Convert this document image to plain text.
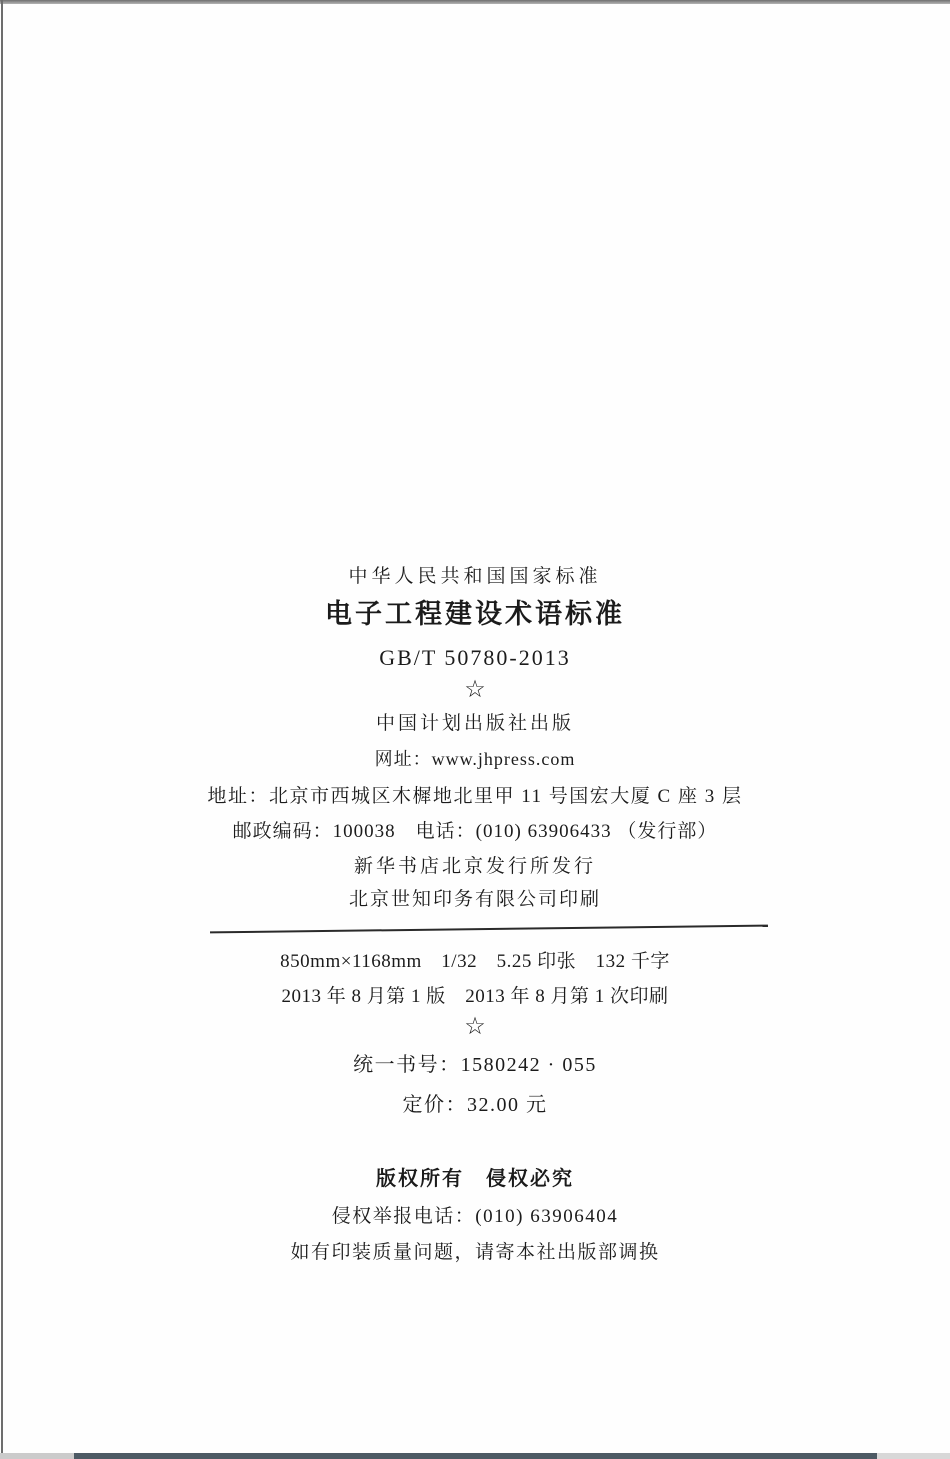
中华人民共和国国家标准
电子工程建设术语标准
GB/T 50780-2013
☆
中国计划出版社出版
网址：www.jhpress.com
地址：北京市西城区木樨地北里甲 11 号国宏大厦 C 座 3 层
邮政编码：100038　电话：(010) 63906433 （发行部）
新华书店北京发行所发行
北京世知印务有限公司印刷
850mm×1168mm　1/32　5.25 印张　132 千字
2013 年 8 月第 1 版　2013 年 8 月第 1 次印刷
☆
统一书号：1580242 · 055
定价：32.00 元
版权所有　侵权必究
侵权举报电话：(010) 63906404
如有印装质量问题，请寄本社出版部调换
